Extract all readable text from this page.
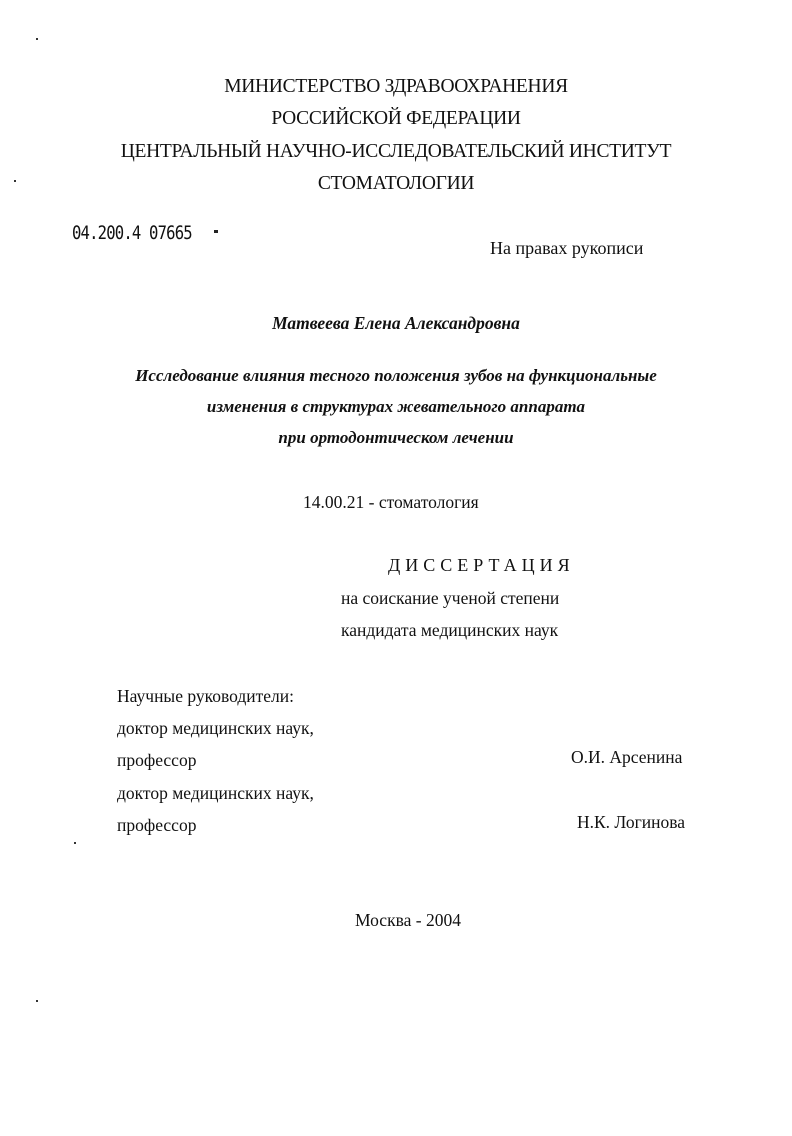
МИНИСТЕРСТВО ЗДРАВООХРАНЕНИЯ
РОССИЙСКОЙ ФЕДЕРАЦИИ
ЦЕНТРАЛЬНЫЙ НАУЧНО-ИССЛЕДОВАТЕЛЬСКИЙ ИНСТИТУТ
СТОМАТОЛОГИИ
04.200.4 07665
На правах рукописи
Матвеева Елена Александровна
Исследование влияния тесного положения зубов на функциональные
изменения в структурах жевательного аппарата
при ортодонтическом лечении
14.00.21 - стоматология
ДИССЕРТАЦИЯ
на соискание ученой степени
кандидата медицинских наук
Научные руководители:
доктор медицинских наук,
профессор	О.И. Арсенина
доктор медицинских наук,
профессор	Н.К. Логинова
Москва - 2004
